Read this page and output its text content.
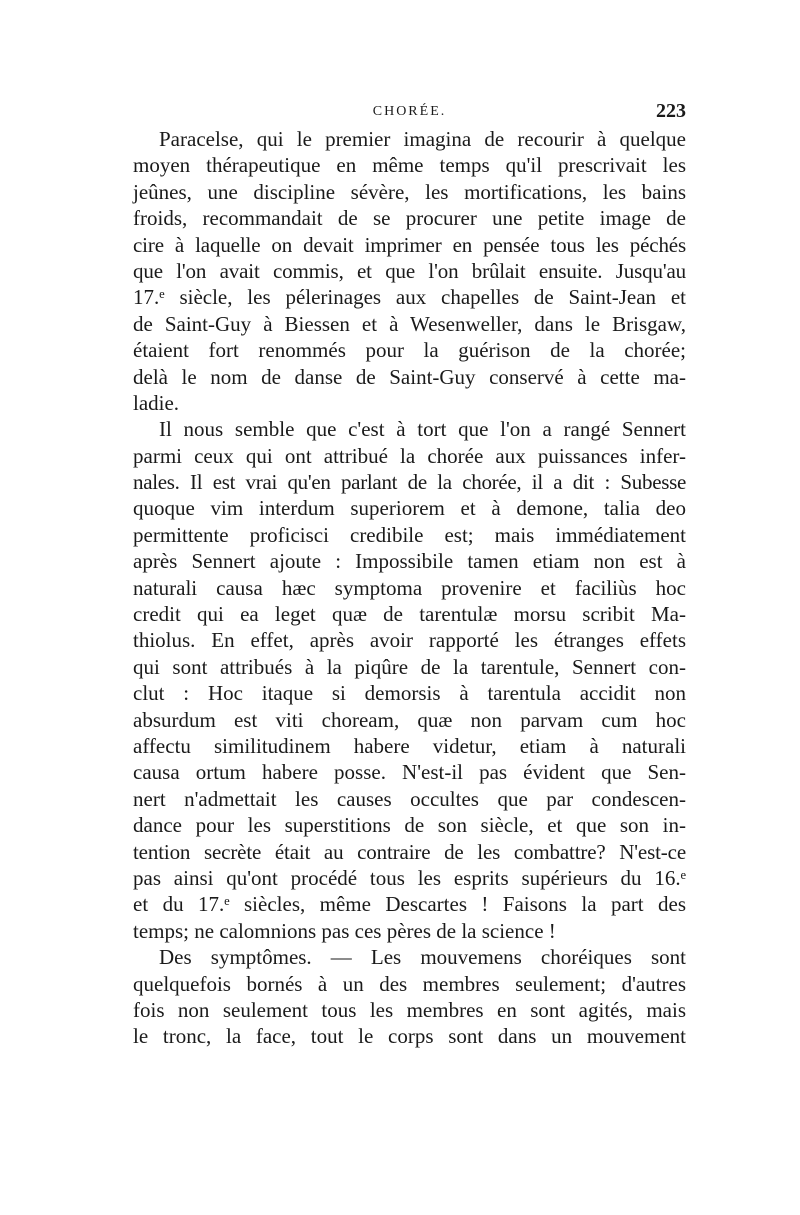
CHORÉE.	223
Paracelse, qui le premier imagina de recourir à quelque
moyen thérapeutique en même temps qu'il prescrivait les
jeûnes, une discipline sévère, les mortifications, les bains
froids, recommandait de se procurer une petite image de
cire à laquelle on devait imprimer en pensée tous les péchés
que l'on avait commis, et que l'on brûlait ensuite. Jusqu'au
17.ᵉ siècle, les pélerinages aux chapelles de Saint-Jean et
de Saint-Guy à Biessen et à Wesenweller, dans le Brisgaw,
étaient fort renommés pour la guérison de la chorée;
delà le nom de danse de Saint-Guy conservé à cette ma-
ladie.
Il nous semble que c'est à tort que l'on a rangé Sennert
parmi ceux qui ont attribué la chorée aux puissances infer-
nales. Il est vrai qu'en parlant de la chorée, il a dit : Subesse
quoque vim interdum superiorem et à demone, talia deo
permittente proficisci credibile est; mais immédiatement
après Sennert ajoute : Impossibile tamen etiam non est à
naturali causa hæc symptoma provenire et faciliùs hoc
credit qui ea leget quæ de tarentulæ morsu scribit Ma-
thiolus. En effet, après avoir rapporté les étranges effets
qui sont attribués à la piqûre de la tarentule, Sennert con-
clut : Hoc itaque si demorsis à tarentula accidit non
absurdum est viti choream, quæ non parvam cum hoc
affectu similitudinem habere videtur, etiam à naturali
causa ortum habere posse. N'est-il pas évident que Sen-
nert n'admettait les causes occultes que par condescen-
dance pour les superstitions de son siècle, et que son in-
tention secrète était au contraire de les combattre? N'est-ce
pas ainsi qu'ont procédé tous les esprits supérieurs du 16.ᵉ
et du 17.ᵉ siècles, même Descartes ! Faisons la part des
temps; ne calomnions pas ces pères de la science !
Des symptômes. — Les mouvemens choréiques sont
quelquefois bornés à un des membres seulement; d'autres
fois non seulement tous les membres en sont agités, mais
le tronc, la face, tout le corps sont dans un mouvement
